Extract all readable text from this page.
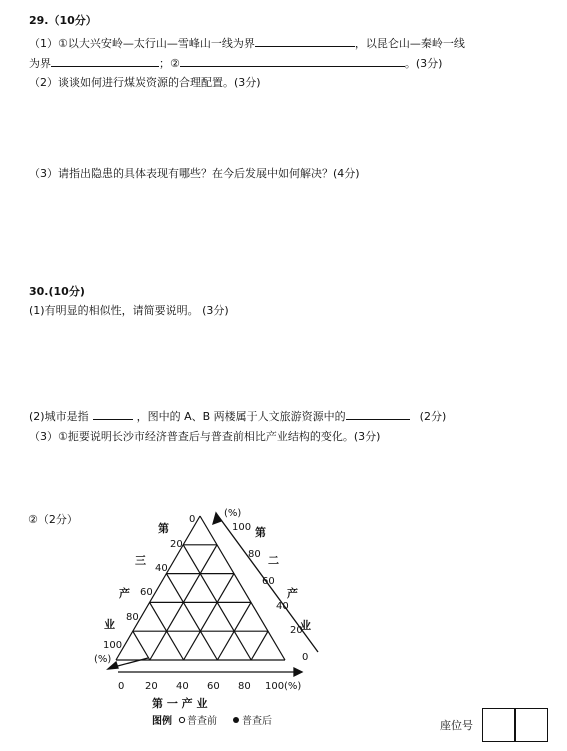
29.（10分）
（1）①以大兴安岭—太行山—雪峰山一线为界	，以昆仑山—秦岭一线
为界	；②	。(3分)
（2）谈谈如何进行煤炭资源的合理配置。(3分)
（3）请指出隐患的具体表现有哪些？在今后发展中如何解决？(4分)
30.(10分)
(1)有明显的相似性，请简要说明。 (3分)
(2)城市是指	，图中的 A、B 两楼属于人文旅游资源中的	(2分)
（3）①扼要说明长沙市经济普查后与普查前相比产业结构的变化。(3分)
②（2分）	0
20
40
60
80
100
(%)
100
80
60
40
20
0
(%)
0 20 40 60 80 100 (%)
第
三
产
业
第
二
产
业
第 一 产 业
图例 普查前	普查后	座位号
